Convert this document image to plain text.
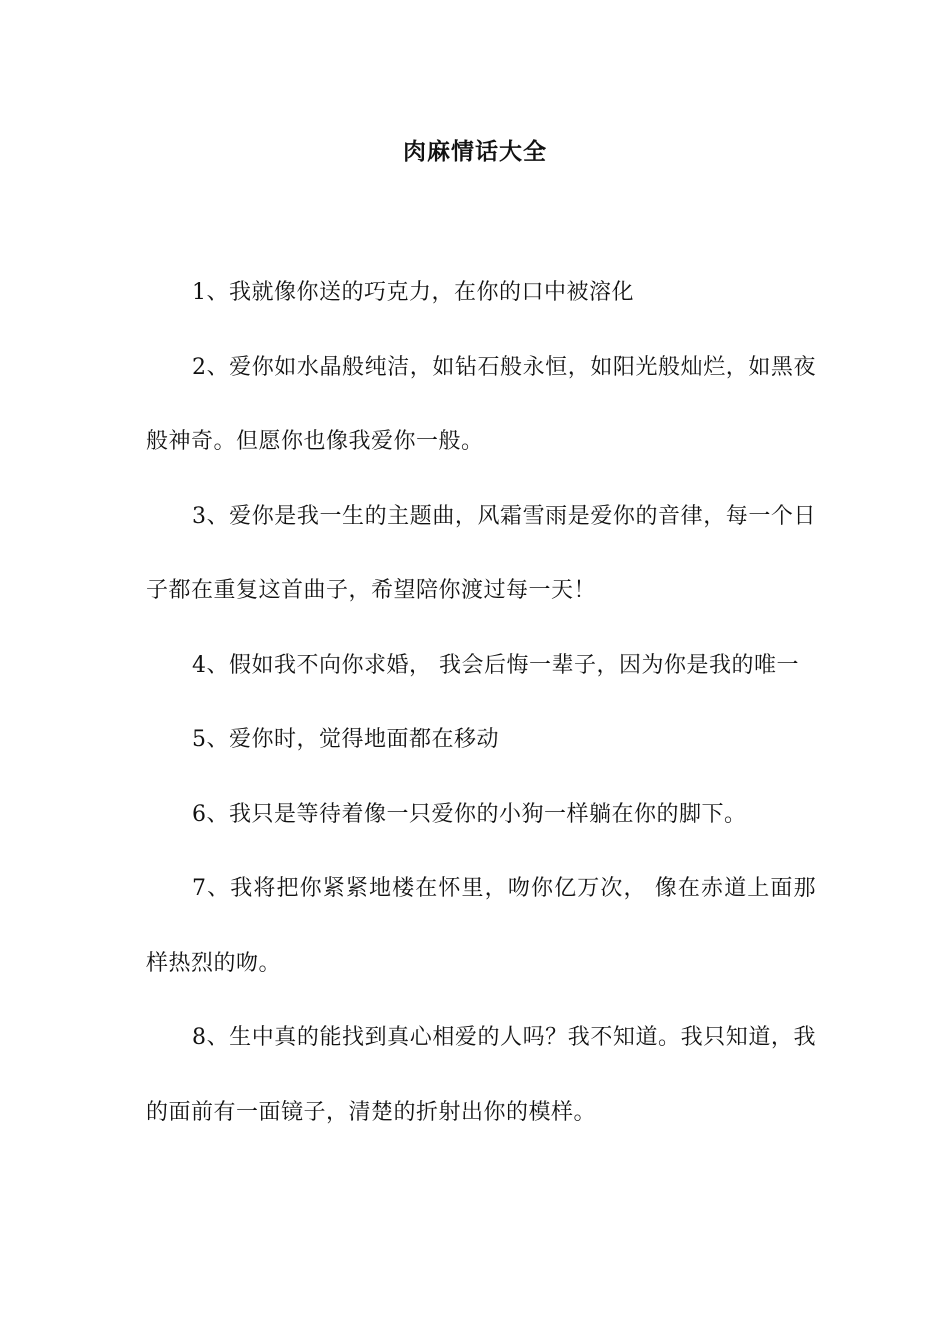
肉麻情话大全

1、我就像你送的巧克力，在你的口中被溶化

2、爱你如水晶般纯洁，如钻石般永恒，如阳光般灿烂，如黑夜般神奇。但愿你也像我爱你一般。

3、爱你是我一生的主题曲，风霜雪雨是爱你的音律，每一个日子都在重复这首曲子，希望陪你渡过每一天！

4、假如我不向你求婚， 我会后悔一辈子，因为你是我的唯一

5、爱你时，觉得地面都在移动

6、我只是等待着像一只爱你的小狗一样躺在你的脚下。

7、我将把你紧紧地楼在怀里，吻你亿万次， 像在赤道上面那样热烈的吻。

8、生中真的能找到真心相爱的人吗？我不知道。我只知道，我的面前有一面镜子，清楚的折射出你的模样。
